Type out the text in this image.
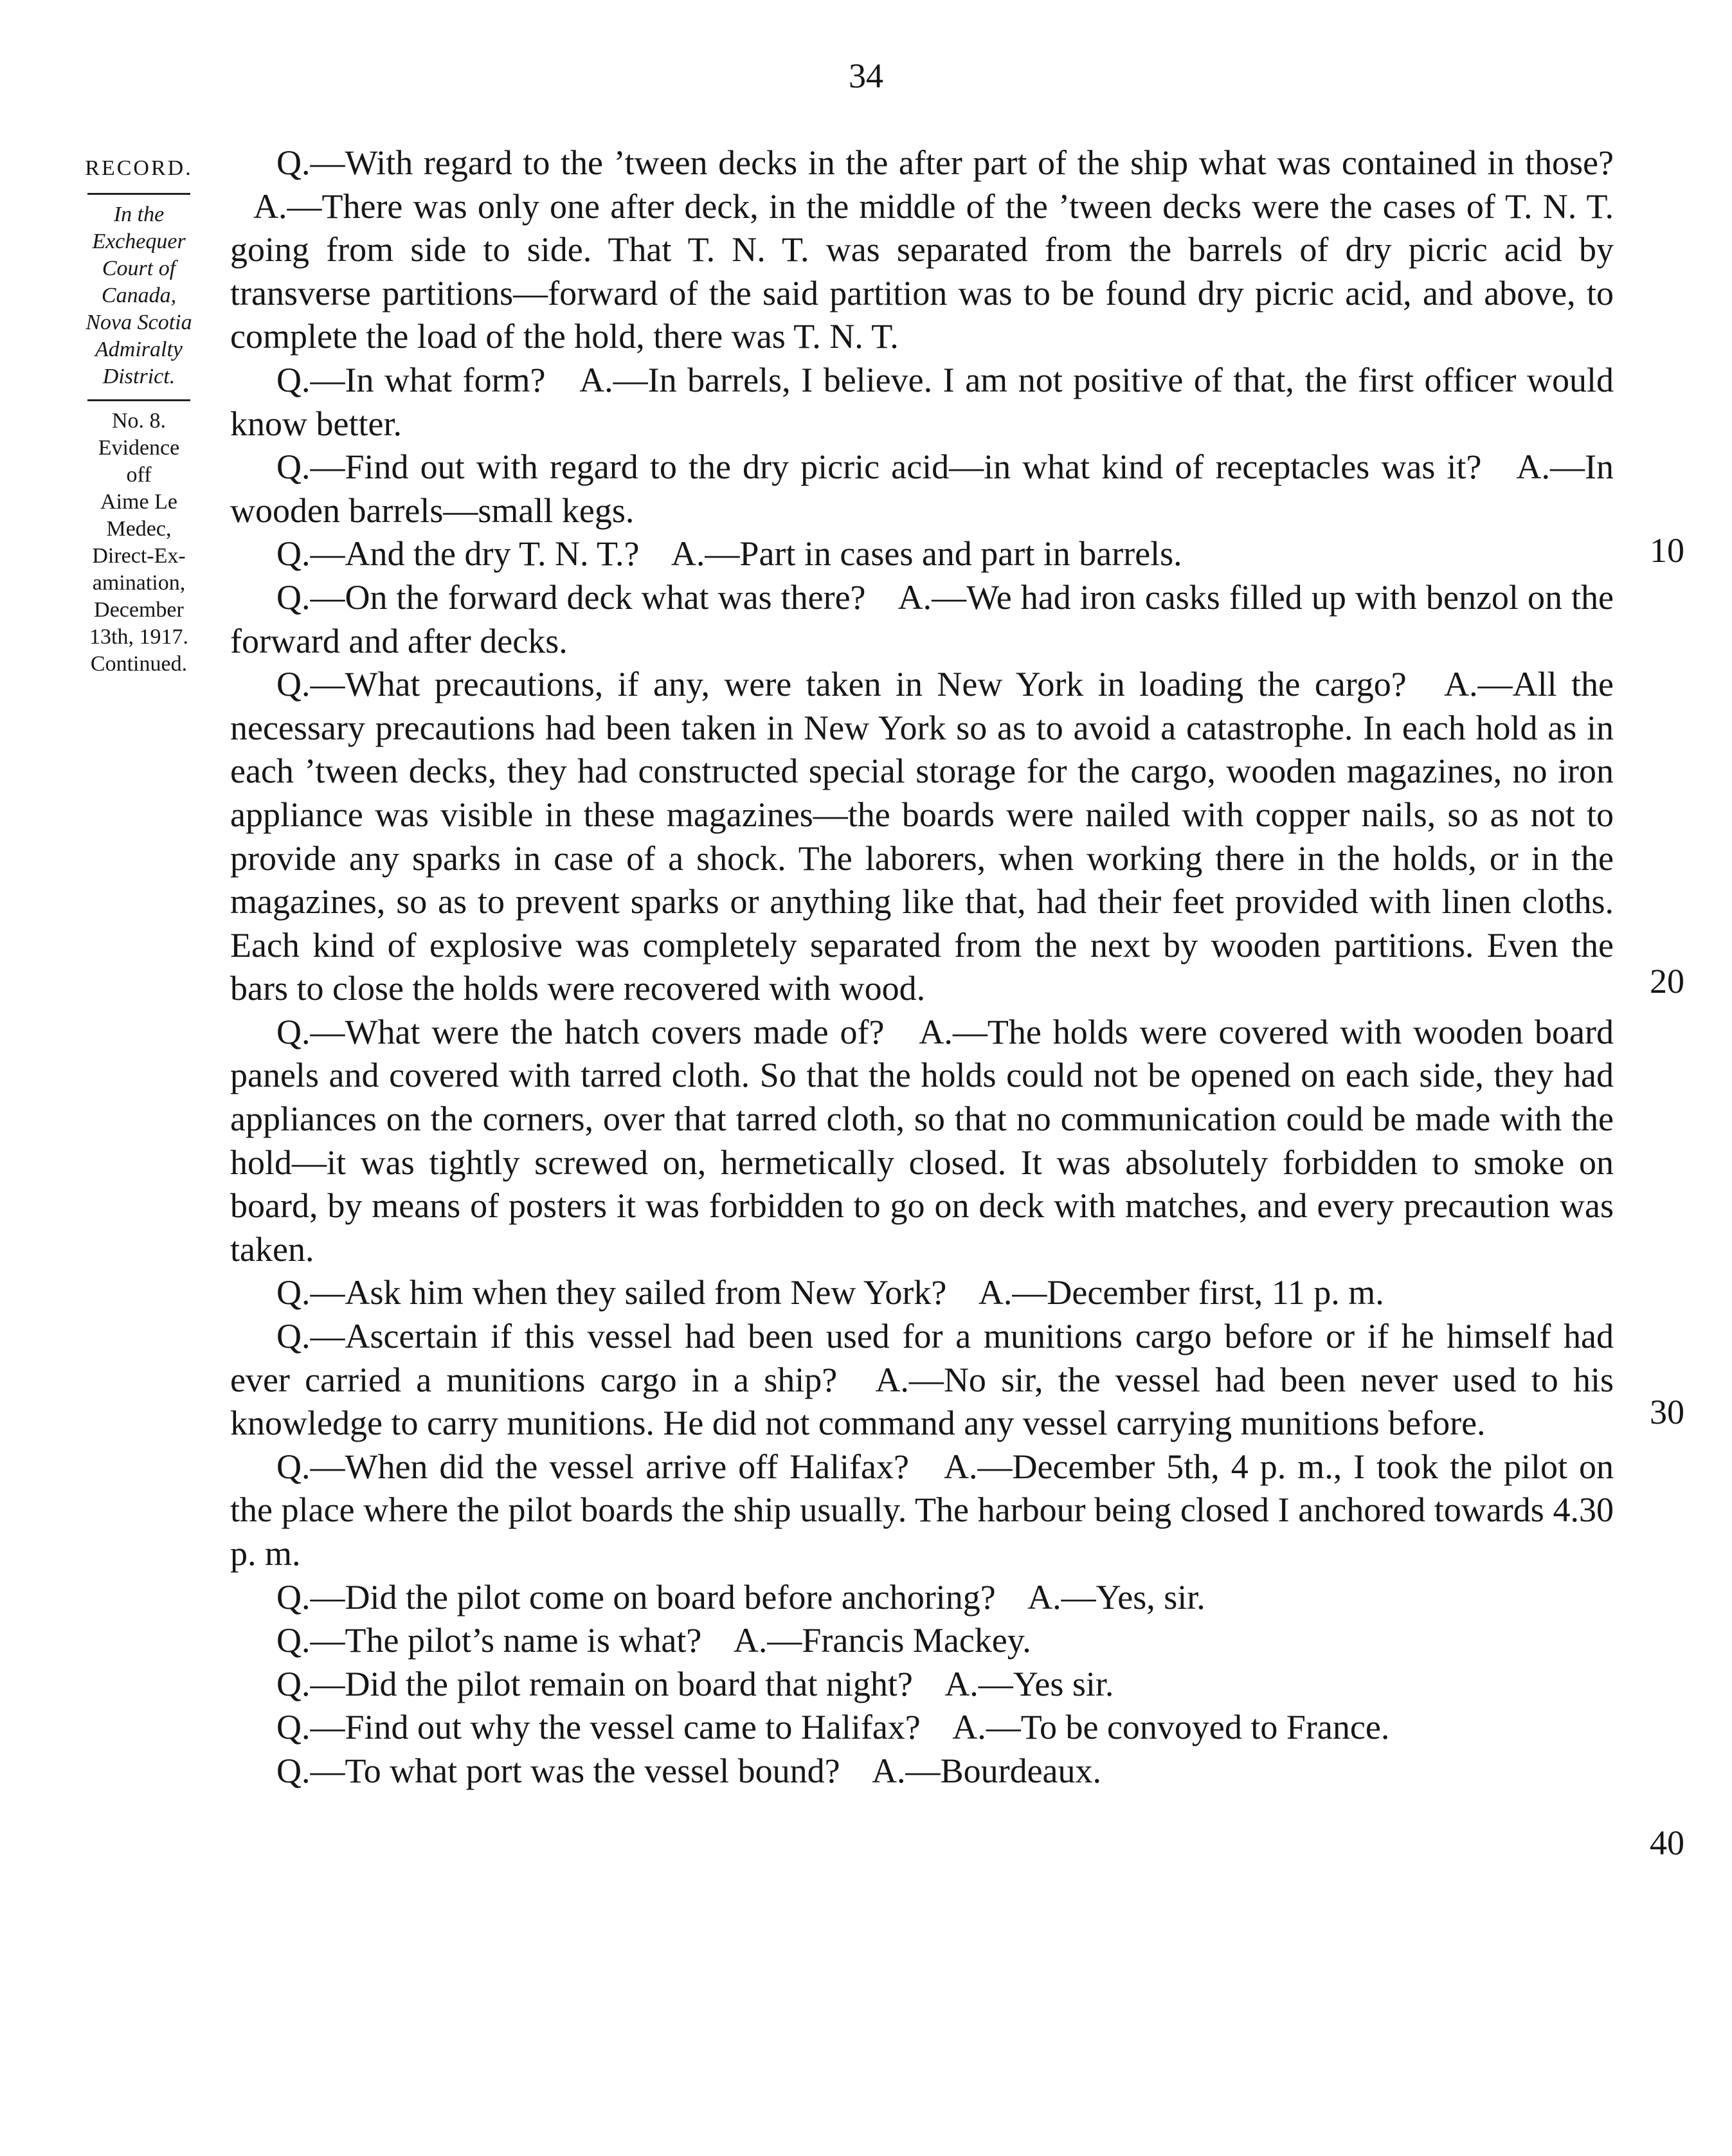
34
RECORD.
In the
Exchequer
Court of
Canada,
Nova Scotia
Admiralty
District.
No. 8.
Evidence
off
Aime Le
Medec,
Direct-Ex-
amination,
December
13th, 1917.
Continued.

Q.—With regard to the ’tween decks in the after part of the ship what was contained in those? A.—There was only one after deck, in the middle of the ’tween decks were the cases of T. N. T. going from side to side. That T. N. T. was separated from the barrels of dry picric acid by transverse partitions—forward of the said partition was to be found dry picric acid, and above, to complete the load of the hold, there was T. N. T.

Q.—In what form? A.—In barrels, I believe. I am not positive of that, the first officer would know better.

Q.—Find out with regard to the dry picric acid—in what kind of receptacles was it? A.—In wooden barrels—small kegs.

Q.—And the dry T. N. T.? A.—Part in cases and part in barrels.

Q.—On the forward deck what was there? A.—We had iron casks filled up with benzol on the forward and after decks.

Q.—What precautions, if any, were taken in New York in loading the cargo? A.—All the necessary precautions had been taken in New York so as to avoid a catastrophe. In each hold as in each ’tween decks, they had constructed special storage for the cargo, wooden magazines, no iron appliance was visible in these magazines—the boards were nailed with copper nails, so as not to provide any sparks in case of a shock. The laborers, when working there in the holds, or in the magazines, so as to prevent sparks or anything like that, had their feet provided with linen cloths. Each kind of explosive was completely separated from the next by wooden partitions. Even the bars to close the holds were recovered with wood.

Q.—What were the hatch covers made of? A.—The holds were covered with wooden board panels and covered with tarred cloth. So that the holds could not be opened on each side, they had appliances on the corners, over that tarred cloth, so that no communication could be made with the hold—it was tightly screwed on, hermetically closed. It was absolutely forbidden to smoke on board, by means of posters it was forbidden to go on deck with matches, and every precaution was taken.

Q.—Ask him when they sailed from New York? A.—December first, 11 p. m.

Q.—Ascertain if this vessel had been used for a munitions cargo before or if he himself had ever carried a munitions cargo in a ship? A.—No sir, the vessel had been never used to his knowledge to carry munitions. He did not command any vessel carrying munitions before.

Q.—When did the vessel arrive off Halifax? A.—December 5th, 4 p. m., I took the pilot on the place where the pilot boards the ship usually. The harbour being closed I anchored towards 4.30 p. m.

Q.—Did the pilot come on board before anchoring? A.—Yes, sir.

Q.—The pilot’s name is what? A.—Francis Mackey.

Q.—Did the pilot remain on board that night? A.—Yes sir.

Q.—Find out why the vessel came to Halifax? A.—To be convoyed to France.

Q.—To what port was the vessel bound? A.—Bourdeaux.

10
20
30
40
